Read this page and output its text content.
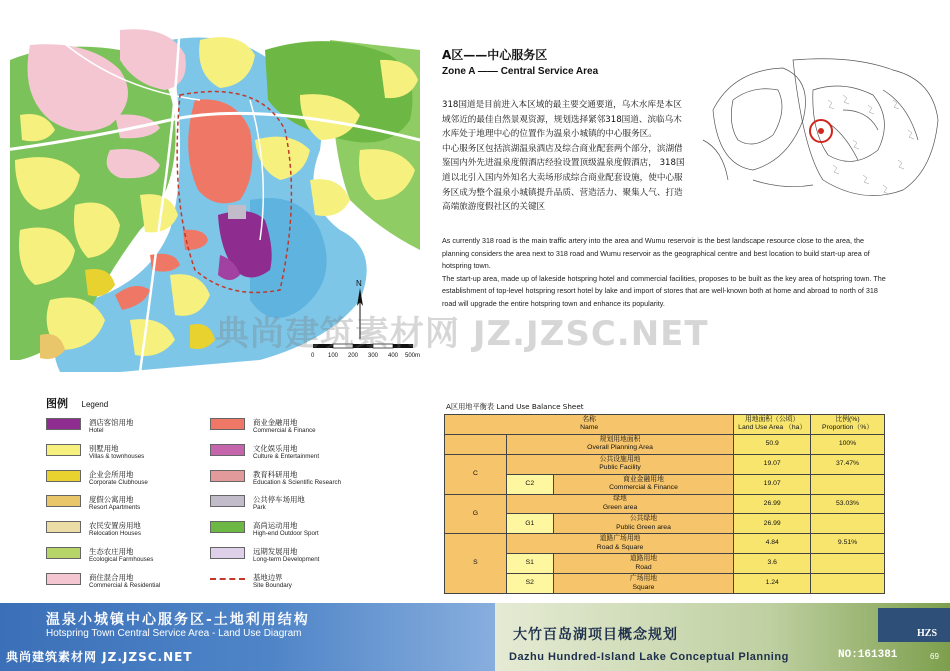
N
0 100 200 300 400 500m
A区——中心服务区
Zone A —— Central Service Area

318国道是目前进入本区域的最主要交通要道，乌木水库是本区域邻近的最佳自然景观资源，规划选择紧邻318国道、滨临乌木水库处于地理中心的位置作为温泉小城镇的中心服务区。

中心服务区包括滨湖温泉酒店及综合商业配套两个部分，滨湖借鉴国内外先进温泉度假酒店经验设置顶级温泉度假酒店， 318国道以北引入国内外知名大卖场形成综合商业配套设施，使中心服务区成为整个温泉小城镇提升品质、营造活力、聚集人气、打造高端旅游度假社区的关键区

As currently 318 road is the main traffic artery into the area and Wumu reservoir is the best landscape resource close to the area, the planning considers the area next to 318 road and Wumu reservoir as the geographical centre and best location to build start-up area of hotspring town.

The start-up area, made up of lakeside hotspring hotel and commercial facilities, proposes to be built as the key area of hotspring town. The establishment of top-level hotspring resort hotel by lake and import of stores that are well-known both at home and abroad to north of 318 road will upgrade the entire hotspring town and enhance its popularity.

典尚建筑素材网 JZ.JZSC.NET
图例 Legend
酒店客馆用地
Hotel
别墅用地
Villas & townhouses
企业会所用地
Corporate Clubhouse
度假公寓用地
Resort Apartments
农民安置房用地
Relocation Houses
生态农庄用地
Ecological Farmhouses
商住混合用地
Commercial & Residential
商业金融用地
Commercial & Finance
文化娱乐用地
Culture & Entertainment
教育科研用地
Education & Scientific Research
公共停车场用地
Park
高尚运动用地
High-end Outdoor Sport
远期发展用地
Long-term Development
基地边界
Site Boundary
A区用地平衡表 Land Use Balance Sheet
名称
Name			用地面积（公顷）
Land Use Area （ha）	比例(%)
Proportion（%）
	规划用地面积
Overall Planning Area		50.9	100%
C	公共设施用地
Public Facility		19.07	37.47%
	C2	商业金融用地
Commercial & Finance	19.07	
G	绿地
Green area		26.99	53.03%
	G1	公共绿地
Public Green area	26.99	
S	道路广场用地
Road & Square		4.84	9.51%
	S1	道路用地
Road	3.6	
	S2	广场用地
Square	1.24	
温泉小城镇中心服务区-土地利用结构
Hotspring Town Central Service Area - Land Use Diagram	大竹百岛湖项目概念规划
Dazhu Hundred-Island Lake Conceptual Planning
HZS
典尚建筑素材网 JZ.JZSC.NET	NO:161381	69
